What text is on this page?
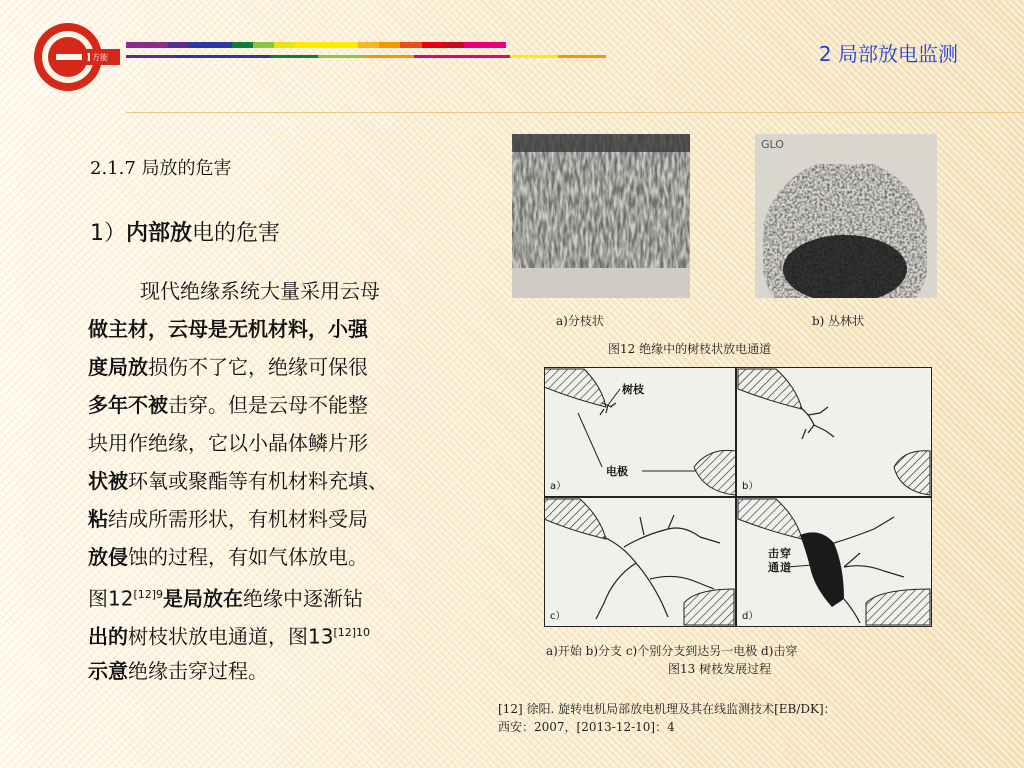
方能	2 局部放电监测
2.1.7 局放的危害
1）内部放电的危害
现代绝缘系统大量采用云母
做主材，云母是无机材料，小强
度局放损伤不了它，绝缘可保很
多年不被击穿。但是云母不能整
块用作绝缘，它以小晶体鳞片形
状被环氧或聚酯等有机材料充填、
粘结成所需形状，有机材料受局
放侵蚀的过程，有如气体放电。
图$12^{[12]9}$是局放在绝缘中逐渐钻
出的树枝状放电通道，图$13^{[12]10}$
示意绝缘击穿过程。
GLO
a)分枝状	b) 丛林状
图12 绝缘中的树枝状放电通道
树枝
电极
a）	b）
c）
击穿通道
d）
a)开始 b)分支 c)个别分支到达另一电极 d)击穿
图13 树枝发展过程
[12] 徐阳. 旋转电机局部放电机理及其在线监测技术[EB/DK]：
西安：2007，[2013-12-10]：4
